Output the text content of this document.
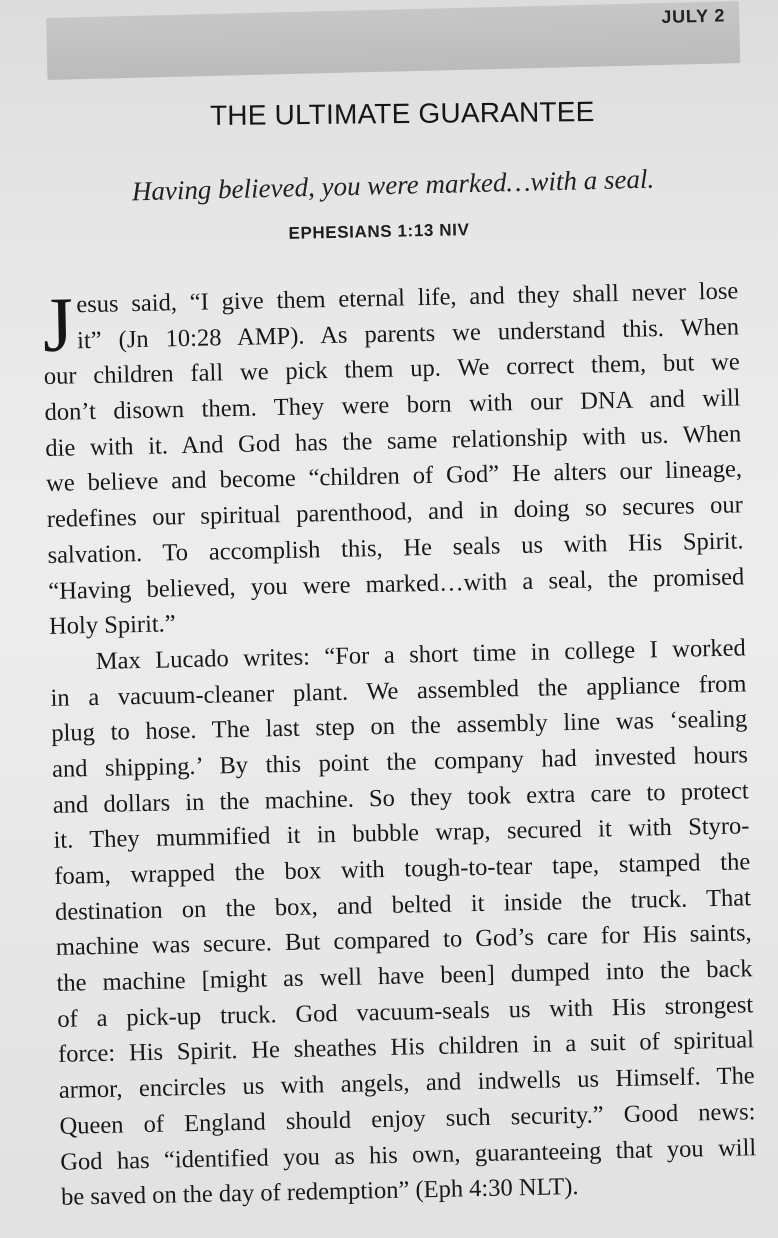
JULY 2
THE ULTIMATE GUARANTEE
Having believed, you were marked…with a seal.
EPHESIANS 1:13 NIV
J esus said, “I give them eternal life, and they shall never lose
it” (Jn 10:28 AMP). As parents we understand this. When
our children fall we pick them up. We correct them, but we
don’t disown them. They were born with our DNA and will
die with it. And God has the same relationship with us. When
we believe and become “children of God” He alters our lineage,
redefines our spiritual parenthood, and in doing so secures our
salvation. To accomplish this, He seals us with His Spirit.
“Having believed, you were marked…with a seal, the promised
Holy Spirit.”
Max Lucado writes: “For a short time in college I worked
in a vacuum-cleaner plant. We assembled the appliance from
plug to hose. The last step on the assembly line was ‘sealing
and shipping.’ By this point the company had invested hours
and dollars in the machine. So they took extra care to protect
it. They mummified it in bubble wrap, secured it with Styro-
foam, wrapped the box with tough-to-tear tape, stamped the
destination on the box, and belted it inside the truck. That
machine was secure. But compared to God’s care for His saints,
the machine [might as well have been] dumped into the back
of a pick-up truck. God vacuum-seals us with His strongest
force: His Spirit. He sheathes His children in a suit of spiritual
armor, encircles us with angels, and indwells us Himself. The
Queen of England should enjoy such security.” Good news:
God has “identified you as his own, guaranteeing that you will
be saved on the day of redemption” (Eph 4:30 NLT).
